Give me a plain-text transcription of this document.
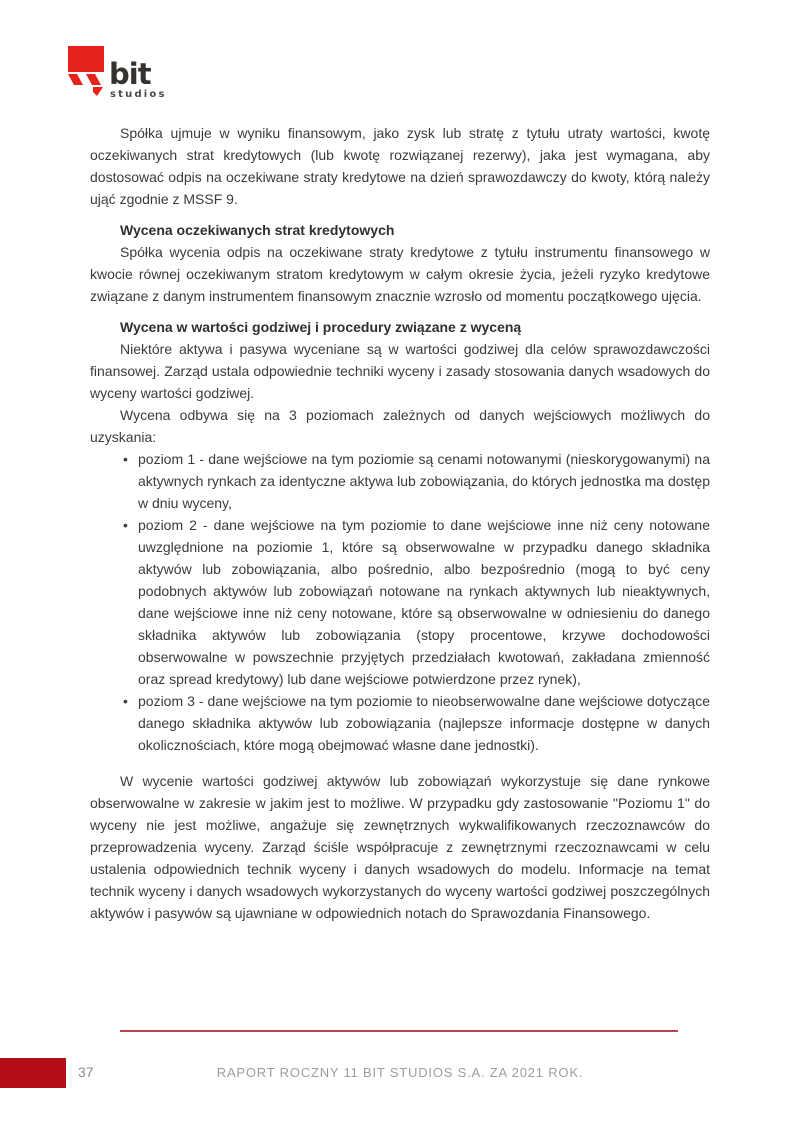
bit
studios

Spółka ujmuje w wyniku finansowym, jako zysk lub stratę z tytułu utraty wartości, kwotę oczekiwanych strat kredytowych (lub kwotę rozwiązanej rezerwy), jaka jest wymagana, aby dostosować odpis na oczekiwane straty kredytowe na dzień sprawozdawczy do kwoty, którą należy ująć zgodnie z MSSF 9.

Wycena oczekiwanych strat kredytowych

Spółka wycenia odpis na oczekiwane straty kredytowe z tytułu instrumentu finansowego w kwocie równej oczekiwanym stratom kredytowym w całym okresie życia, jeżeli ryzyko kredytowe związane z danym instrumentem finansowym znacznie wzrosło od momentu początkowego ujęcia.

Wycena w wartości godziwej i procedury związane z wyceną

Niektóre aktywa i pasywa wyceniane są w wartości godziwej dla celów sprawozdawczości finansowej. Zarząd ustala odpowiednie techniki wyceny i zasady stosowania danych wsadowych do wyceny wartości godziwej.

Wycena odbywa się na 3 poziomach zależnych od danych wejściowych możliwych do uzyskania:

• poziom 1 - dane wejściowe na tym poziomie są cenami notowanymi (nieskorygowanymi) na aktywnych rynkach za identyczne aktywa lub zobowiązania, do których jednostka ma dostęp w dniu wyceny,
• poziom 2 - dane wejściowe na tym poziomie to dane wejściowe inne niż ceny notowane uwzględnione na poziomie 1, które są obserwowalne w przypadku danego składnika aktywów lub zobowiązania, albo pośrednio, albo bezpośrednio (mogą to być ceny podobnych aktywów lub zobowiązań notowane na rynkach aktywnych lub nieaktywnych, dane wejściowe inne niż ceny notowane, które są obserwowalne w odniesieniu do danego składnika aktywów lub zobowiązania (stopy procentowe, krzywe dochodowości obserwowalne w powszechnie przyjętych przedziałach kwotowań, zakładana zmienność oraz spread kredytowy) lub dane wejściowe potwierdzone przez rynek),
• poziom 3 - dane wejściowe na tym poziomie to nieobserwowalne dane wejściowe dotyczące danego składnika aktywów lub zobowiązania (najlepsze informacje dostępne w danych okolicznościach, które mogą obejmować własne dane jednostki).

W wycenie wartości godziwej aktywów lub zobowiązań wykorzystuje się dane rynkowe obserwowalne w zakresie w jakim jest to możliwe. W przypadku gdy zastosowanie "Poziomu 1" do wyceny nie jest możliwe, angażuje się zewnętrznych wykwalifikowanych rzeczoznawców do przeprowadzenia wyceny. Zarząd ściśle współpracuje z zewnętrznymi rzeczoznawcami w celu ustalenia odpowiednich technik wyceny i danych wsadowych do modelu. Informacje na temat technik wyceny i danych wsadowych wykorzystanych do wyceny wartości godziwej poszczególnych aktywów i pasywów są ujawniane w odpowiednich notach do Sprawozdania Finansowego.

37	RAPORT ROCZNY 11 BIT STUDIOS S.A. ZA 2021 ROK.
